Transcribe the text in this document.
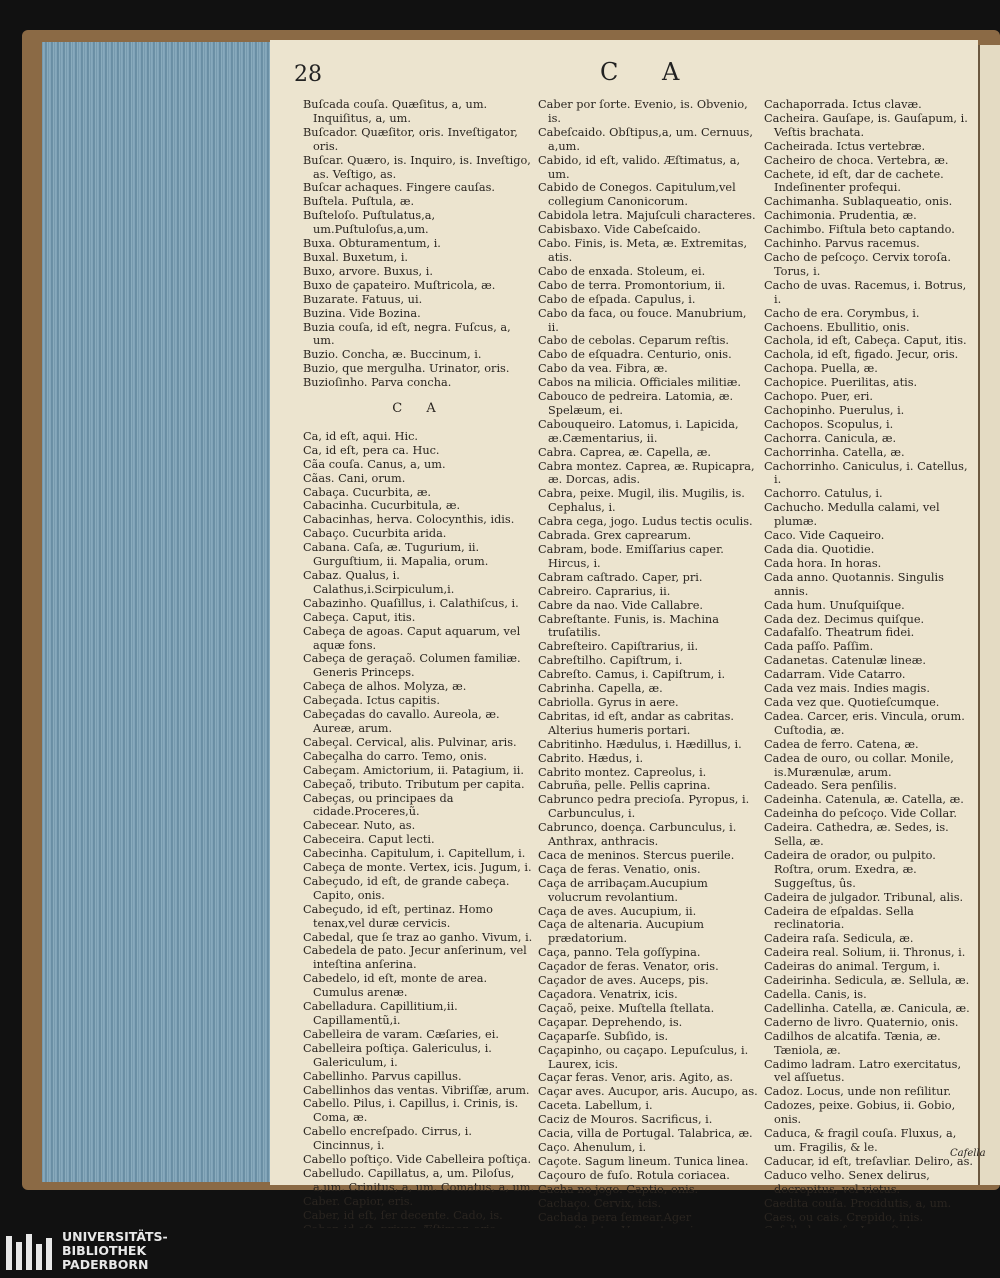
28	C A
Buſcada couſa. Quæſitus, a, um. Inquiſitus, a, um.
Buſcador. Quæſitor, oris. Inveſtigator, oris.
Buſcar. Quæro, is. Inquiro, is. Inveſtigo, as. Veſtigo, as.
Buſcar achaques. Fingere cauſas.
Buſtela. Puſtula, æ.
Buſteloſo. Puſtulatus,a, um.Puſtuloſus,a,um.
Buxa. Obturamentum, i.
Buxal. Buxetum, i.
Buxo, arvore. Buxus, i.
Buxo de çapateiro. Muſtricola, æ.
Buzarate. Fatuus, ui.
Buzina. Vide Bozina.
Buzia couſa, id eſt, negra. Fuſcus, a, um.
Buzio. Concha, æ. Buccinum, i.
Buzio, que mergulha. Urinator, oris.
Buzioſinho. Parva concha.
C A
Ca, id eſt, aqui. Hic.
Ca, id eſt, pera ca. Huc.
Cãa couſa. Canus, a, um.
Cãas. Cani, orum.
Cabaça. Cucurbita, æ.
Cabacinha. Cucurbitula, æ.
Cabacinhas, herva. Colocynthis, idis.
Cabaço. Cucurbita arida.
Cabana. Caſa, æ. Tugurium, ii. Gurguſtium, ii. Mapalia, orum.
Cabaz. Qualus, i. Calathus,i.Scirpiculum,i.
Cabazinho. Quaſillus, i. Calathiſcus, i.
Cabeça. Caput, itis.
Cabeça de agoas. Caput aquarum, vel aquæ fons.
Cabeça de geraçaõ. Columen familiæ. Generis Princeps.
Cabeça de alhos. Molyza, æ.
Cabeçada. Ictus capitis.
Cabeçadas do cavallo. Aureola, æ. Aureæ, arum.
Cabeçal. Cervical, alis. Pulvinar, aris.
Cabeçalha do carro. Temo, onis.
Cabeçam. Amictorium, ii. Patagium, ii.
Cabeçaõ, tributo. Tributum per capita.
Cabeças, ou principaes da cidade.Proceres,ũ.
Cabecear. Nuto, as.
Cabeceira. Caput lecti.
Cabecinha. Capitulum, i. Capitellum, i.
Cabeça de monte. Vertex, icis. Jugum, i.
Cabeçudo, id eſt, de grande cabeça. Capito, onis.
Cabeçudo, id eſt, pertinaz. Homo tenax,vel duræ cervicis.
Cabedal, que ſe traz ao ganho. Vivum, i.
Cabedela de pato. Jecur anſerinum, vel inteſtina anſerina.
Cabedelo, id eſt, monte de area. Cumulus arenæ.
Cabelladura. Capillitium,ii. Capillamentũ,i.
Cabelleira de varam. Cæſaries, ei.
Cabelleira poſtiça. Galericulus, i. Galericulum, i.
Cabellinho. Parvus capillus.
Cabellinhos das ventas. Vibriſſæ, arum.
Cabello. Pilus, i. Capillus, i. Crinis, is. Coma, æ.
Cabello encreſpado. Cirrus, i. Cincinnus, i.
Cabello poſtiço. Vide Cabelleira poſtiça.
Cabelludo. Capillatus, a, um. Piloſus, a,um. Crinitus, a, um. Comatus, a, um.
Caber. Capior, eris.
Caber, id eſt, ſer decente. Cado, is.
Caber por ſorte. Evenio, is. Obvenio, is.
Cabeſcaido. Obſtipus,a, um. Cernuus, a,um.
Cabido, id eſt, valido. Æſtimatus, a, um.
Cabido de Conegos. Capitulum,vel collegium Canonicorum.
Cabidola letra. Majuſculi characteres.
Cabisbaxo. Vide Cabeſcaido.
Cabo. Finis, is. Meta, æ. Extremitas, atis.
Cabo de enxada. Stoleum, ei.
Cabo de terra. Promontorium, ii.
Cabo de eſpada. Capulus, i.
Cabo da faca, ou fouce. Manubrium, ii.
Cabo de cebolas. Ceparum reſtis.
Cabo de eſquadra. Centurio, onis.
Cabo da vea. Fibra, æ.
Cabos na milicia. Officiales militiæ.
Cabouco de pedreira. Latomia, æ. Spelæum, ei.
Cabouqueiro. Latomus, i. Lapicida, æ.Cæmentarius, ii.
Cabra. Caprea, æ. Capella, æ.
Cabra montez. Caprea, æ. Rupicapra, æ. Dorcas, adis.
Cabra, peixe. Mugil, ilis. Mugilis, is. Cephalus, i.
Cabra cega, jogo. Ludus tectis oculis.
Cabrada. Grex caprearum.
Cabram, bode. Emiſſarius caper. Hircus, i.
Cabram caſtrado. Caper, pri.
Cabreiro. Caprarius, ii.
Cabre da nao. Vide Callabre.
Cabreſtante. Funis, is. Machina truſatilis.
Cabreſteiro. Capiſtrarius, ii.
Cabreſtilho. Capiſtrum, i.
Cabreſto. Camus, i. Capiſtrum, i.
Cabrinha. Capella, æ.
Cabriolla. Gyrus in aere.
Cabritas, id eſt, andar as cabritas. Alterius humeris portari.
Cabritinho. Hædulus, i. Hædillus, i.
Cabrito. Hædus, i.
Cabrito montez. Capreolus, i.
Cabruña, pelle. Pellis caprina.
Cabrunco pedra precioſa. Pyropus, i. Carbunculus, i.
Cabrunco, doença. Carbunculus, i. Anthrax, anthracis.
Caca de meninos. Stercus puerile.
Caça de feras. Venatio, onis.
Caça de arribaçam.Aucupium volucrum revolantium.
Caça de aves. Aucupium, ii.
Caça de altenaria. Aucupium prædatorium.
Caça, panno. Tela goſſypina.
Caçador de feras. Venator, oris.
Caçador de aves. Auceps, pis.
Caçadora. Venatrix, icis.
Caçaõ, peixe. Muſtella ſtellata.
Caçapar. Deprehendo, is.
Caçaparſe. Subſido, is.
Caçapinho, ou caçapo. Lepuſculus, i. Laurex, icis.
Caçar feras. Venor, aris. Agito, as.
Caçar aves. Aucupor, aris. Aucupo, as.
Caceta. Labellum, i.
Caciz de Mouros. Sacrificus, i.
Cacia, villa de Portugal. Talabrica, æ.
Caço. Ahenulum, i.
Caçote. Sagum lineum. Tunica linea.
Caçouro de fuſo. Rotula coriacea.
Cacha no jogo. Captio, onis.
Cachaço. Cervix, icis.
Cachada pera ſemear.Ager
Cachaporrada. Ictus clavæ.
Cacheira. Gauſape, is. Gauſapum, i. Veſtis brachata.
Cacheirada. Ictus vertebræ.
Cacheiro de choca. Vertebra, æ.
Cachete, id eſt, dar de cachete. Indeſinenter profequi.
Cachimanha. Sublaqueatio, onis.
Cachimonia. Prudentia, æ.
Cachimbo. Fiſtula beto captando.
Cachinho. Parvus racemus.
Cacho de peſcoço. Cervix toroſa. Torus, i.
Cacho de uvas. Racemus, i. Botrus, i.
Cacho de era. Corymbus, i.
Cachoens. Ebullitio, onis.
Cachola, id eſt, Cabeça. Caput, itis.
Cachola, id eſt, figado. Jecur, oris.
Cachopa. Puella, æ.
Cachopice. Puerilitas, atis.
Cachopo. Puer, eri.
Cachopinho. Puerulus, i.
Cachopos. Scopulus, i.
Cachorra. Canicula, æ.
Cachorrinha. Catella, æ.
Cachorrinho. Caniculus, i. Catellus, i.
Cachorro. Catulus, i.
Cachucho. Medulla calami, vel plumæ.
Caco. Vide Caqueiro.
Cada dia. Quotidie.
Cada hora. In horas.
Cada anno. Quotannis. Singulis annis.
Cada hum. Unuſquiſque.
Cada dez. Decimus quiſque.
Cadafalſo. Theatrum fidei.
Cada paſſo. Paſſim.
Cadanetas. Catenulæ lineæ.
Cadarram. Vide Catarro.
Cada vez mais. Indies magis.
Cada vez que. Quotieſcumque.
Cadea. Carcer, eris. Vincula, orum. Cuſtodia, æ.
Cadea de ferro. Catena, æ.
Cadea de ouro, ou collar. Monile, is.Murænulæ, arum.
Cadeado. Sera penſilis.
Cadeinha. Catenula, æ. Catella, æ.
Cadeinha do peſcoço. Vide Collar.
Cadeira. Cathedra, æ. Sedes, is. Sella, æ.
Cadeira de orador, ou pulpito. Roſtra, orum. Exedra, æ. Suggeſtus, ûs.
Cadeira de julgador. Tribunal, alis.
Cadeira de eſpaldas. Sella reclinatoria.
Cadeira raſa. Sedicula, æ.
Cadeira real. Solium, ii. Thronus, i.
Cadeiras do animal. Tergum, i.
Cadeirinha. Sedicula, æ. Sellula, æ.
Cadella. Canis, is.
Cadellinha. Catella, æ. Canicula, æ.
Caderno de livro. Quaternio, onis.
Cadilhos de alcatifa. Tænia, æ. Tæniola, æ.
Cadimo ladram. Latro exercitatus, vel aſſuetus.
Cadoz. Locus, unde non reſilitur.
Cadozes, peixe. Gobius, ii. Gobio, onis.
Caduca, & fragil couſa. Fluxus, a, um. Fragilis, & le.
Caducar, id eſt, treſavliar. Deliro, as.
Caduco velho. Senex delirus, decrepitus, vel vietus.
Caedita couſa. Procidutis, a, um.
Caes, ou cais. Crepido, inis.
Cafella
UNIVERSITÄTS-
BIBLIOTHEK
PADERBORN
